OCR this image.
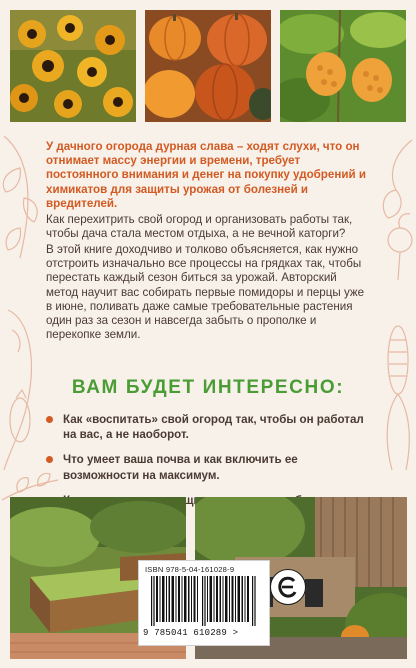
У дачного огорода дурная слава – ходят слухи, что он отнимает массу энергии и времени, требует постоянного внимания и денег на покупку удобрений и химикатов для защиты урожая от болезней и вредителей.
Как перехитрить свой огород и организовать работы так, чтобы дача стала местом отдыха, а не вечной каторги?
В этой книге доходчиво и толково объясняется, как нужно отстроить изначально все процессы на грядках так, чтобы перестать каждый сезон биться за урожай. Авторский метод научит вас собирать первые помидоры и перцы уже в июне, поливать даже самые требовательные растения один раз за сезон и навсегда забыть о прополке и перекопке земли.
ВАМ БУДЕТ ИНТЕРЕСНО:
Как «воспитать» свой огород так, чтобы он работал на вас, а не наоборот.
Что умеет ваша почва и как включить ее возможности на максимум.
ISBN 978-5-04-161028-9
9 785041 610289 >
